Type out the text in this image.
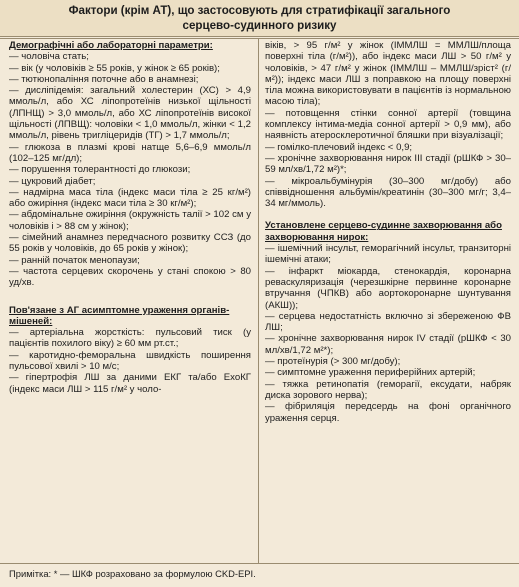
Фактори (крім АТ), що застосовують для стратифікації загального
серцево-судинного ризику
Демографічні або лабораторні параметри:
— чоловіча стать;
— вік (у чоловіків ≥ 55 років, у жінок ≥ 65 років);
— тютюнопаління поточне або в анамнезі;
— дисліпідемія: загальний холестерин (ХС) > 4,9 ммоль/л, або ХС ліпопротеїнів низької щільності (ЛПНЩ) > 3,0 ммоль/л, або ХС ліпопротеїнів високої щільності (ЛПВЩ): чоловіки < 1,0 ммоль/л, жінки < 1,2 ммоль/л, рівень тригліцеридів (ТГ) > 1,7 ммоль/л;
— глюкоза в плазмі крові натще 5,6–6,9 ммоль/л (102–125 мг/дл);
— порушення толерантності до глюкози;
— цукровий діабет;
— надмірна маса тіла (індекс маси тіла ≥ 25 кг/м²) або ожиріння (індекс маси тіла ≥ 30 кг/м²);
— абдомінальне ожиріння (окружність талії > 102 см у чоловіків і > 88 см у жінок);
— сімейний анамнез передчасного розвитку ССЗ (до 55 років у чоловіків, до 65 років у жінок);
— ранній початок менопаузи;
— частота серцевих скорочень у стані спокою > 80 уд/хв.
Пов'язане з АГ асимптомне ураження органів-мішеней:
— артеріальна жорсткість: пульсовий тиск (у пацієнтів похилого віку) ≥ 60 мм рт.ст.;
— каротидно-феморальна швидкість поширення пульсової хвилі > 10 м/с;
— гіпертрофія ЛШ за даними ЕКГ та/або ЕхоКГ (індекс маси ЛШ > 115 г/м² у чоло-
віків, > 95 г/м² у жінок (ІММЛШ = ММЛШ/площа поверхні тіла (г/м²)), або індекс маси ЛШ > 50 г/м² у чоловіків, > 47 г/м² у жінок (ІММЛШ – ММЛШ/зріст² (г/м²)); індекс маси ЛШ з поправкою на площу поверхні тіла можна використовувати в пацієнтів із нормальною масою тіла);
— потовщення стінки сонної артерії (товщина комплексу інтима-медіа сонної артерії > 0,9 мм), або наявність атеросклеротичної бляшки при візуалізації;
— гомілко-плечовий індекс < 0,9;
— хронічне захворювання нирок III стадії (рШКФ > 30–59 мл/хв/1,72 м²)*;
— мікроальбумінурія (30–300 мг/добу) або співвідношення альбумін/креатинін (30–300 мг/г; 3,4–34 мг/ммоль).
Установлене серцево-судинне захворювання або захворювання нирок:
— ішемічний інсульт, геморагічний інсульт, транзиторні ішемічні атаки;
— інфаркт міокарда, стенокардія, коронарна реваскуляризація (черезшкірне первинне коронарне втручання (ЧПКВ) або аортокоронарне шунтування (АКШ));
— серцева недостатність включно зі збереженою ФВ ЛШ;
— хронічне захворювання нирок IV стадії (рШКФ < 30 мл/хв/1,72 м²*);
— протеїнурія (> 300 мг/добу);
— симптомне ураження периферійних артерій;
— тяжка ретинопатія (геморагії, ексудати, набряк диска зорового нерва);
— фібриляція передсердь на фоні органічного ураження серця.
Примітка: * — ШКФ розраховано за формулою CKD-EPI.
